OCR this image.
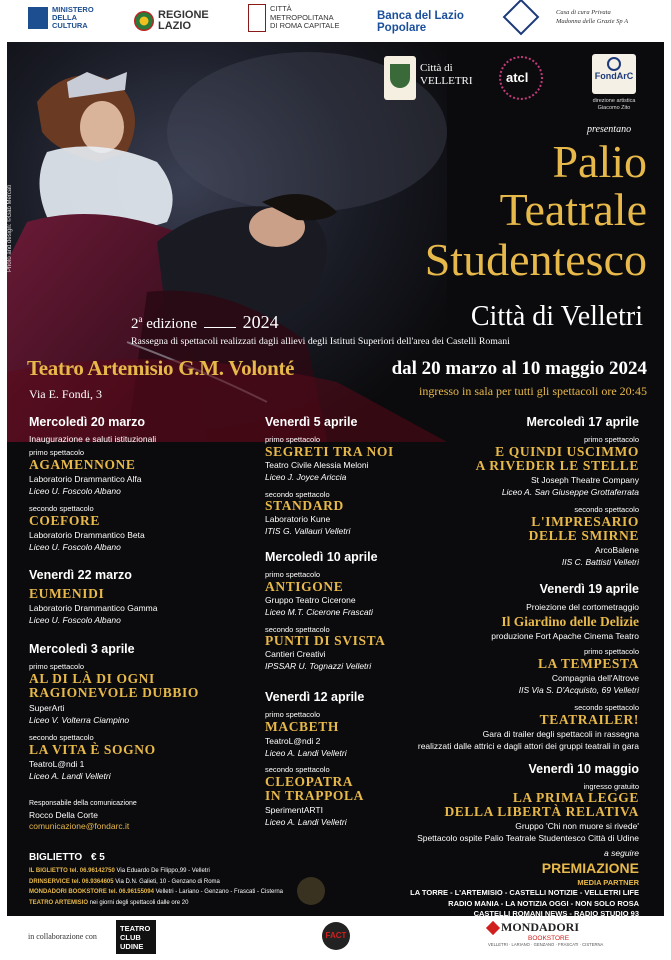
MINISTERO
DELLA
CULTURA
REGIONE
LAZIO
CITTÀ
METROPOLITANA
DI ROMA CAPITALE
Banca del Lazio
Popolare
Casa di cura Privata
Madonna delle Grazie Sp A
Photo and design: ©Gab Mercati
Città di
VELLETRI	atcl	FondArC
direzione artistica
Giacomo Zito
presentano
Palio
Teatrale
Studentesco
Città di Velletri
2$^a$ edizione	2024
Rassegna di spettacoli realizzati dagli allievi degli Istituti Superiori dell'area dei Castelli Romani
Teatro Artemisio G.M. Volonté
Via E. Fondi, 3
dal 20 marzo al 10 maggio 2024
ingresso in sala per tutti gli spettacoli ore 20:45
Mercoledì 20 marzo
Inaugurazione e saluti istituzionali
primo spettacolo
AGAMENNONE
Laboratorio Drammantico Alfa
Liceo U. Foscolo Albano
secondo spettacolo
COEFORE
Laboratorio Drammantico Beta
Liceo U. Foscolo Albano
Venerdì 22 marzo
EUMENIDI
Laboratorio Drammantico Gamma
Liceo U. Foscolo Albano
Mercoledì 3 aprile
primo spettacolo
AL DI LÀ DI OGNI
RAGIONEVOLE DUBBIO
SuperArti
Liceo V. Volterra Ciampino
secondo spettacolo
LA VITA È SOGNO
TeatroL@ndi 1
Liceo A. Landi Velletri
Venerdì 5 aprile
primo spettacolo
SEGRETI TRA NOI
Teatro Civile Alessia Meloni
Liceo J. Joyce Ariccia
secondo spettacolo
STANDARD
Laboratorio Kune
ITIS G. Vallauri Velletri
Mercoledì 10 aprile
primo spettacolo
ANTIGONE
Gruppo Teatro Cicerone
Liceo M.T. Cicerone Frascati
secondo spettacolo
PUNTI DI SVISTA
Cantieri Creativi
IPSSAR U. Tognazzi Velletri
Venerdì 12 aprile
primo spettacolo
MACBETH
TeatroL@ndi 2
Liceo A. Landi Velletri
secondo spettacolo
CLEOPATRA
IN TRAPPOLA
SperimentARTI
Liceo A. Landi Velletri
Mercoledì 17 aprile
primo spettacolo
E QUINDI USCIMMO
A RIVEDER LE STELLE
St Joseph Theatre Company
Liceo A. San Giuseppe Grottaferrata
secondo spettacolo
L'IMPRESARIO
DELLE SMIRNE
ArcoBalene
IIS C. Battisti Velletri
Venerdì 19 aprile
Proiezione del cortometraggio
Il Giardino delle Delizie
produzione Fort Apache Cinema Teatro
primo spettacolo
LA TEMPESTA
Compagnia dell'Altrove
IIS Via S. D'Acquisto, 69 Velletri
secondo spettacolo
TEATRAILER!
Gara di trailer degli spettacoli in rassegna
realizzati dalle attrici e dagli attori dei gruppi teatrali in gara
Venerdì 10 maggio
ingresso gratuito
LA PRIMA LEGGE
DELLA LIBERTÀ RELATIVA
Gruppo 'Chi non muore si rivede'
Spettacolo ospite Palio Teatrale Studentesco Città di Udine
a seguire
PREMIAZIONE
Responsabile della comunicazione
Rocco Della Corte
comunicazione@fondarc.it
BIGLIETTO € 5
IL BIGLIETTO tel. 06.96142750 Via Eduardo De Filippo,99 - Velletri
DRINSERVICE tel. 06.9364605 Via D.N. Galieti, 10 - Genzano di Roma
MONDADORI BOOKSTORE tel. 06.96155094 Velletri - Lariano - Genzano - Frascati - Cisterna
TEATRO ARTEMISIO nei giorni degli spettacoli dalle ore 20
MEDIA PARTNER
LA TORRE - L'ARTEMISIO - CASTELLI NOTIZIE - VELLETRI LIFE
RADIO MANIA - LA NOTIZIA OGGI - NON SOLO ROSA
CASTELLI ROMANI NEWS - RADIO STUDIO 93
in collaborazione con
TEATRO
CLUB
UDINE
FACT
MONDADORI
BOOKSTORE
VELLETRI · LARIANO · GENZANO · FRASCATI · CISTERNA
